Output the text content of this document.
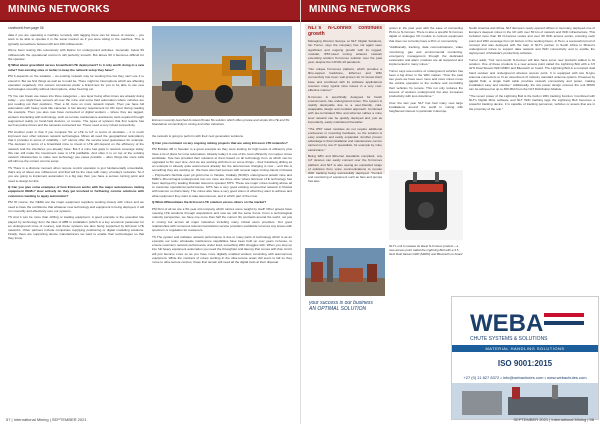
MINING NETWORKS
continued from page 56

data if you are operating a machine remotely with lagging there can be issues of nuance – you want to be able to operate it in the same manner as if you were sitting in the machine. This is typically somewhere between 80 and 100 milliseconds.

We've been testing this extensively with Epiroc for underground activities. Generally, below 50 milliseconds the operational control is still perfectly smooth. But above 60 it becomes difficult for the operator.

Q What about greenfield versus brownfield LTE deployment? Is it only worth doing in a new mine? Can existing sites or better to keep the network setup they have?

PM It depends on the situation – an existing network may be working fine but they can't use it to extend it. But we find things as well as it could be. There might be interruptions which are affecting operation negatively. Our owners sometimes prefer a brand-new for you to be able to use new technologies smoothly without interruptions, video freezing etc.

TS You can break use cases into three categories – one layer being what mines are already doing today – you might have sensors all over the mine and some field automation where vehicles are just reading out their positions. Then a bit more on more network impact. Then you have full automation with heavy tools like cameras. A low latency requirement for RC input during reading the example. Then you also now have connected or digital workers – where they are tagged, workers interacting with technology, such as remote maintenance assistance tools required through augmented reality on hand-held devices, or remote. The types of systems that first require has such as police forces and the cameras connected too. These need a very robust connectivity.

PM Another point is that if you compare 5G or LTE to IoT in terms of densities – it is much improved over other wireless network technologies. Mines all need the geographical redundancy that it provides in terms of reliability – IoT cannot offer the service level guarantees for example. The decision in terms of a brownfield mine to invest in LTE will depend on the efficiency of the network and the interfaces you already have. But if a mine has gaps in network coverage today, this can still make the investment case in LTE justifiable. And often it is on top of the existing network infrastructure to make new technology use cases possible – often things like voice calls will still use the current comms setup.

TS There is a discrete moment when remote control operation is just fundamentally unworkable, that's any of about one millisecond, and that will be the case with many of today's networks. So if you are going to implement automation in a big way then you have a serious turning point and need to design for this.

Q Can you give some examples of how Ericsson works with the major autonomous mining equipment OEMs? How actively do they get involved in furthering comms solutions with customers wanting to apply automation?

PM Of course, the OEMs are the major equipment suppliers working closely with mines and we need to have the confidence that whatever new technology and equipment is being deployed, it will run smoothly and effectively over our systems.

TS And it can be more than drilling or loading equipment. A good example is the essential role played by technology from the likes of ABB in installation (which is a key economic parameter for an underground mine of course), and these systems are also being supported by Ericsson LTE networks. Other partners include companies supplying positioning or digital modelling solutions. Finally, there are supporting device manufacturers we want to enable their technologies so that they know

Ericsson recently launched its latest Private 5G solution which offers private and simple 4G LTE and 5G Standalone connectivity to mining and other industries

the network is going to perform with their next generation solutions.

Q Can you comment on any ongoing mining projects that are using Ericsson LTE networks?

PM Boliden AB in Sweden is a great example as they were looking for high levels of efficiency plus have a lot of plans for mine automation. Already today it is one of the most efficiently run copper mines worldwide. Tele has provided their solutions to them based on all technology from us which can be upgraded to 5G over time. And we are working with them on some things – their Kankberg drilling as an example is already quite autonomous already but the autonomous charging is now – and this is something they are working on. We have also had success with several major mining clients in Russia – Polymetal's Nezhda open pit gold mine in Yakutia, Uralkaly (NOR)'s underground potash mine and MMC's Zhemchugsk underground iron ore mine are three other where Ericsson LTE technology has been deployed by leading Russian telecoms operator MTS. These are major mines looking above all to maximise operational performance. MTS has a very good existing commercial network in Russia with telecom so that's likely. The mines also have a very good vision of what they want to achieve and what equipment they want to take autonomous, and in which part of the mine.

Q What differentiates the Ericsson LTE solution versus others on the market?

PM First of all we are a 5G year old company which carries some weight by itself! Other groups have meeting LTE solutions through acquisitions and now we still the same fronts. From a technological maturity perspective, we have one more than half the current 4G contracts around the world, not just in mining but across all major industries including many critical users providers. Our good relationships with numerous telecommunications service providers worldwide removes any issues with spectrum or regulation for customers.

TS The system and software network performance is due to many parts of technology which is as an example our tools: wholesale interference capabilities have been built up over years in-house, to ensure maximum network performance under load, something WiFi struggles with. When you step up into full heavy equipment automation you need the throughput and latency that comes with that. And it will just become more so as you have more digitally enabled workers consisting with autonomous equipment. While the numbers of mines working in the ultra-remote areas still seem to fall so they move to ultra-remote centres, those that remain will need all the digital tools at their disposal.

57 | International Mining | SEPTEMBER 2021
MINING NETWORKS
NLT's N-Connex continues growth

Managing Director Europe at NLT Digital Solutions, Ian Turner, says the company has not again seen significant and ongoing growth with its rugged, modular, IP67-rated mining wireless network extending solution N-Connex solution over the past year, despite the COVID-19 pandemic.

"Our unique N-Connex platform, which provides a fibre-topped backbone, Ethernet and WiFi connectivity has been well-proven for its broad client base and combined with its software applications receives many typical mine issues in a very cost-effective manner."

N-Connex is specifically designed for harsh environments, like underground mines. The system is rapidly deployable due to a user-friendly, cold-swappable design and modular approach. Combined with pre-terminated fibre and ethernet cables a mine level network can be quickly deployed and, just as importantly, easily maintained thereafter.

"The IP67 rated modules do not require additional enclosures or mounting hardware, so the solution is easy scalable and easily expanded. Another proven advantage is that installation and maintenance can be carried out by non-IT specialists, for example by mine electricians."

Being WiFi and Ethernet standards compliant, any IoT devices can easily connect over the N-Connex platform and NLT is also seeing an expanded range of solutions from voice communications to remote WiFi tracking being successfully deployed. "Control and monitoring of equipment such as fans and pumps has also

grown in the past year with the ease of connecting PLCs to N-Connex. There is also a specific N-Connex digital or analogue I/O module to connect equipment that does not currently have a PLC or connectivity.

"Additionally, tracking, data communications, video monitoring, gas and environmental monitoring, emergency management through the dedicated evacuation and alarm modules are all supported and implemented in many mines."

Turner says tele-metrics of underground vehicles has been a big driver in the WiFi market. "Over the past two years we have seen more and more mines move the vehicle operation to the surface and controlling their vehicles fro remote. This not only reduces the amount of workers underground but also increases productivity with less downtime."

Over the last year NLT has had many new large installations around the world in mining with heightened interest in particular in Europe,

South America and Africa. NLT Europe's newly opened offices in Germany deployed one of Europe's deepest mines in the UK with over 50 km of network and WiFi infrastructure. This included more than 90 N-Connex nodes and over 60 WiFi access points, ensuring each point and WiFi coverage from pit bottom in the working faces. In Peru, a successful proof of concept trial was deployed with the help of NLT's partner in South Africa in Minsur's underground mines to support data network and WiFi connectivity and to enable the deployment of Modular's productivity software.

Turner adds: "Our next-month N-Connex will also have some new products added to its solution. One of these products is a new access point called the Lightning Bolt with a 3.5 GHz Dual Stream WiFi MIMO and Bluetooth on board. The Lightning Bolt is a compact dual band outdoor and underground wireless access point. It is equipped with two N-type antenna connectors to fit an assortment of industry standard antenna options. Powered by gigabit PoE, a single Cat6 cable provides network connectivity and power, making installation easy and intuitive." Additionally, the low power design ensures the unit MIMO can be achieved at up to 300 Mbit from the NLT Distribution Module.

"The recent power of the Lightning Bolt is the built-in WiFi tracking function. Combined with NLT's Digital Mine software and NLT WiFi tracking tags the Lightning Bolt becomes a powerful tracking device. It is capable of tracking personnel, vehicles or assets that are in the proximity of the unit."

NLT's unit to release its latest N-Connex product – a new access point called the Lightning Bolt with a 3.5 GHz Dual Stream WiFi (MIMO) and Bluetooth on board
WEBA
CHUTE SYSTEMS & SOLUTIONS
MATERIAL HANDLING SOLUTIONS
ISO 9001:2015
+27 (0) 11 827 8372 • info@webachutes.com • www.webachutes.com
your success is our business
AN OPTIMAL SOLUTION
SEPTEMBER 2021 | International Mining | 58
